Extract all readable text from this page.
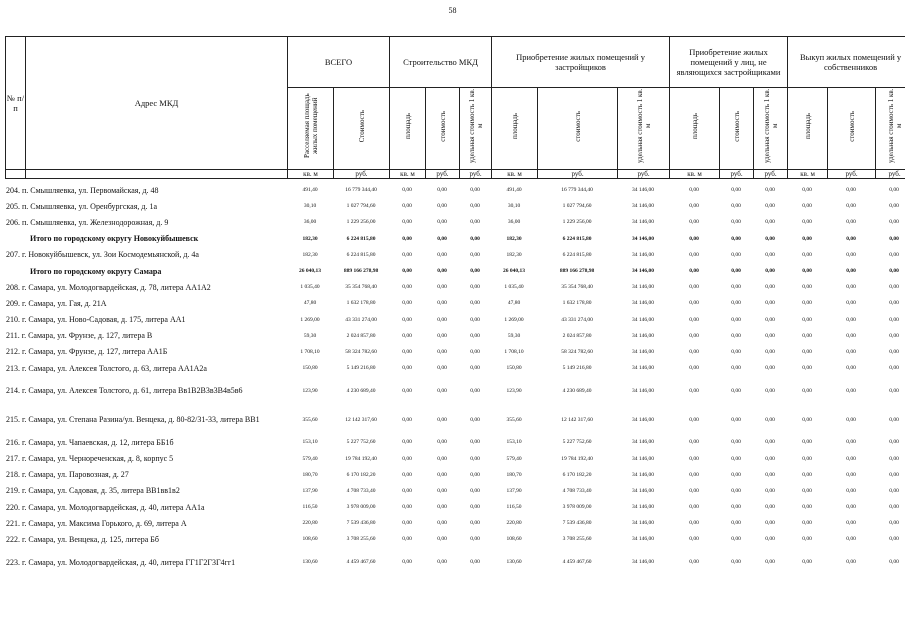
58
№ п/п	Адрес МКД	ВСЕГО		Строительство МКД			Приобретение жилых помещений у застройщиков			Приобретение жилых помещений у лиц, не являющихся застройщиками			Выкуп жилых помещений у собственников		
		Расселяемая площадь жилых помещений	Стоимость	площадь	стоимость	удельная стоимость 1 кв. м	площадь	стоимость	удельная стоимость 1 кв. м	площадь	стоимость	удельная стоимость 1 кв. м	площадь	стоимость	удельная стоимость 1 кв. м
		кв. м	руб.	кв. м	руб.	руб.	кв. м	руб.	руб.	кв. м	руб.	руб.	кв. м	руб.	руб.
204. п. Смышляевка, ул. Первомайская, д. 48	491,40	16 779 344,40	0,00	0,00	0,00	491,40	16 779 344,40	34 146,00	0,00	0,00	0,00	0,00	0,00	0,00
205. п. Смышляевка, ул. Оренбургская, д. 1а	30,10	1 027 794,60	0,00	0,00	0,00	30,10	1 027 794,60	34 146,00	0,00	0,00	0,00	0,00	0,00	0,00
206. п. Смышляевка, ул. Железнодорожная, д. 9	36,00	1 229 256,00	0,00	0,00	0,00	36,00	1 229 256,00	34 146,00	0,00	0,00	0,00	0,00	0,00	0,00
Итого по городскому округу Новокуйбышевск	182,30	6 224 815,80	0,00	0,00	0,00	182,30	6 224 815,80	34 146,00	0,00	0,00	0,00	0,00	0,00	0,00
207. г. Новокуйбышевск, ул. Зои Космодемьянской, д. 4а	182,30	6 224 815,80	0,00	0,00	0,00	182,30	6 224 815,80	34 146,00	0,00	0,00	0,00	0,00	0,00	0,00
Итого по городскому округу Самара	26 040,13	889 166 278,98	0,00	0,00	0,00	26 040,13	889 166 278,98	34 146,00	0,00	0,00	0,00	0,00	0,00	0,00
208. г. Самара, ул. Молодогвардейская, д. 78, литера АА1А2	1 035,40	35 354 768,40	0,00	0,00	0,00	1 035,40	35 354 768,40	34 146,00	0,00	0,00	0,00	0,00	0,00	0,00
209. г. Самара, ул. Гая, д. 21А	47,80	1 632 178,80	0,00	0,00	0,00	47,80	1 632 178,80	34 146,00	0,00	0,00	0,00	0,00	0,00	0,00
210. г. Самара, ул. Ново-Садовая, д. 175, литера АА1	1 269,00	43 331 274,00	0,00	0,00	0,00	1 269,00	43 331 274,00	34 146,00	0,00	0,00	0,00	0,00	0,00	0,00
211. г. Самара, ул. Фрунзе, д. 127, литера В	59,30	2 024 857,80	0,00	0,00	0,00	59,30	2 024 857,80	34 146,00	0,00	0,00	0,00	0,00	0,00	0,00
212. г. Самара, ул. Фрунзе, д. 127, литера АА1Б	1 708,10	58 324 782,60	0,00	0,00	0,00	1 708,10	58 324 782,60	34 146,00	0,00	0,00	0,00	0,00	0,00	0,00
213. г. Самара, ул. Алексея Толстого, д. 63, литера АА1А2а	150,80	5 149 216,80	0,00	0,00	0,00	150,80	5 149 216,80	34 146,00	0,00	0,00	0,00	0,00	0,00	0,00
214. г. Самара, ул. Алексея Толстого, д. 61, литера Вв1В2В3в3В4в5в6	123,90	4 230 689,40	0,00	0,00	0,00	123,90	4 230 689,40	34 146,00	0,00	0,00	0,00	0,00	0,00	0,00
215. г. Самара, ул. Степана Разина/ул. Венцека, д. 80-82/31-33, литера ВВ1	355,60	12 142 317,60	0,00	0,00	0,00	355,60	12 142 317,60	34 146,00	0,00	0,00	0,00	0,00	0,00	0,00
216. г. Самара, ул. Чапаевская, д. 12, литера ББ1б	153,10	5 227 752,60	0,00	0,00	0,00	153,10	5 227 752,60	34 146,00	0,00	0,00	0,00	0,00	0,00	0,00
217. г. Самара, ул. Чернореченская, д. 8, корпус 5	579,40	19 784 192,40	0,00	0,00	0,00	579,40	19 784 192,40	34 146,00	0,00	0,00	0,00	0,00	0,00	0,00
218. г. Самара, ул. Паровозная, д. 27	180,70	6 170 182,20	0,00	0,00	0,00	180,70	6 170 182,20	34 146,00	0,00	0,00	0,00	0,00	0,00	0,00
219. г. Самара, ул. Садовая, д. 35, литера ВВ1вв1в2	137,90	4 708 733,40	0,00	0,00	0,00	137,90	4 708 733,40	34 146,00	0,00	0,00	0,00	0,00	0,00	0,00
220. г. Самара, ул. Молодогвардейская, д. 40, литера АА1а	116,50	3 978 009,00	0,00	0,00	0,00	116,50	3 978 009,00	34 146,00	0,00	0,00	0,00	0,00	0,00	0,00
221. г. Самара, ул. Максима Горького, д. 69, литера А	220,80	7 539 436,80	0,00	0,00	0,00	220,80	7 539 436,80	34 146,00	0,00	0,00	0,00	0,00	0,00	0,00
222. г. Самара, ул. Венцека, д. 125, литера Бб	108,60	3 708 255,60	0,00	0,00	0,00	108,60	3 708 255,60	34 146,00	0,00	0,00	0,00	0,00	0,00	0,00
223. г. Самара, ул. Молодогвардейская, д. 40, литера ГГ1Г2Г3Г4гг1	130,60	4 459 467,60	0,00	0,00	0,00	130,60	4 459 467,60	34 146,00	0,00	0,00	0,00	0,00	0,00	0,00
